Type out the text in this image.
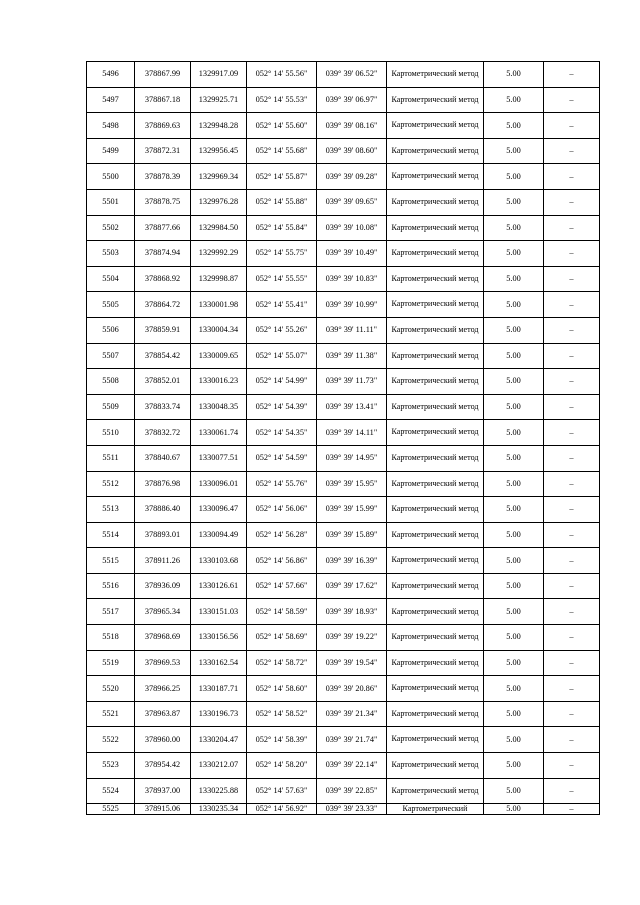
5496	378867.99	1329917.09	052° 14' 55.56"	039° 39' 06.52"	Картометрический метод	5.00	–
5497	378867.18	1329925.71	052° 14' 55.53"	039° 39' 06.97"	Картометрический метод	5.00	–
5498	378869.63	1329948.28	052° 14' 55.60"	039° 39' 08.16"	Картометрический метод	5.00	–
5499	378872.31	1329956.45	052° 14' 55.68"	039° 39' 08.60"	Картометрический метод	5.00	–
5500	378878.39	1329969.34	052° 14' 55.87"	039° 39' 09.28"	Картометрический метод	5.00	–
5501	378878.75	1329976.28	052° 14' 55.88"	039° 39' 09.65"	Картометрический метод	5.00	–
5502	378877.66	1329984.50	052° 14' 55.84"	039° 39' 10.08"	Картометрический метод	5.00	–
5503	378874.94	1329992.29	052° 14' 55.75"	039° 39' 10.49"	Картометрический метод	5.00	–
5504	378868.92	1329998.87	052° 14' 55.55"	039° 39' 10.83"	Картометрический метод	5.00	–
5505	378864.72	1330001.98	052° 14' 55.41"	039° 39' 10.99"	Картометрический метод	5.00	–
5506	378859.91	1330004.34	052° 14' 55.26"	039° 39' 11.11"	Картометрический метод	5.00	–
5507	378854.42	1330009.65	052° 14' 55.07"	039° 39' 11.38"	Картометрический метод	5.00	–
5508	378852.01	1330016.23	052° 14' 54.99"	039° 39' 11.73"	Картометрический метод	5.00	–
5509	378833.74	1330048.35	052° 14' 54.39"	039° 39' 13.41"	Картометрический метод	5.00	–
5510	378832.72	1330061.74	052° 14' 54.35"	039° 39' 14.11"	Картометрический метод	5.00	–
5511	378840.67	1330077.51	052° 14' 54.59"	039° 39' 14.95"	Картометрический метод	5.00	–
5512	378876.98	1330096.01	052° 14' 55.76"	039° 39' 15.95"	Картометрический метод	5.00	–
5513	378886.40	1330096.47	052° 14' 56.06"	039° 39' 15.99"	Картометрический метод	5.00	–
5514	378893.01	1330094.49	052° 14' 56.28"	039° 39' 15.89"	Картометрический метод	5.00	–
5515	378911.26	1330103.68	052° 14' 56.86"	039° 39' 16.39"	Картометрический метод	5.00	–
5516	378936.09	1330126.61	052° 14' 57.66"	039° 39' 17.62"	Картометрический метод	5.00	–
5517	378965.34	1330151.03	052° 14' 58.59"	039° 39' 18.93"	Картометрический метод	5.00	–
5518	378968.69	1330156.56	052° 14' 58.69"	039° 39' 19.22"	Картометрический метод	5.00	–
5519	378969.53	1330162.54	052° 14' 58.72"	039° 39' 19.54"	Картометрический метод	5.00	–
5520	378966.25	1330187.71	052° 14' 58.60"	039° 39' 20.86"	Картометрический метод	5.00	–
5521	378963.87	1330196.73	052° 14' 58.52"	039° 39' 21.34"	Картометрический метод	5.00	–
5522	378960.00	1330204.47	052° 14' 58.39"	039° 39' 21.74"	Картометрический метод	5.00	–
5523	378954.42	1330212.07	052° 14' 58.20"	039° 39' 22.14"	Картометрический метод	5.00	–
5524	378937.00	1330225.88	052° 14' 57.63"	039° 39' 22.85"	Картометрический метод	5.00	–
5525	378915.06	1330235.34	052° 14' 56.92"	039° 39' 23.33"	Картометрический	5.00	–
